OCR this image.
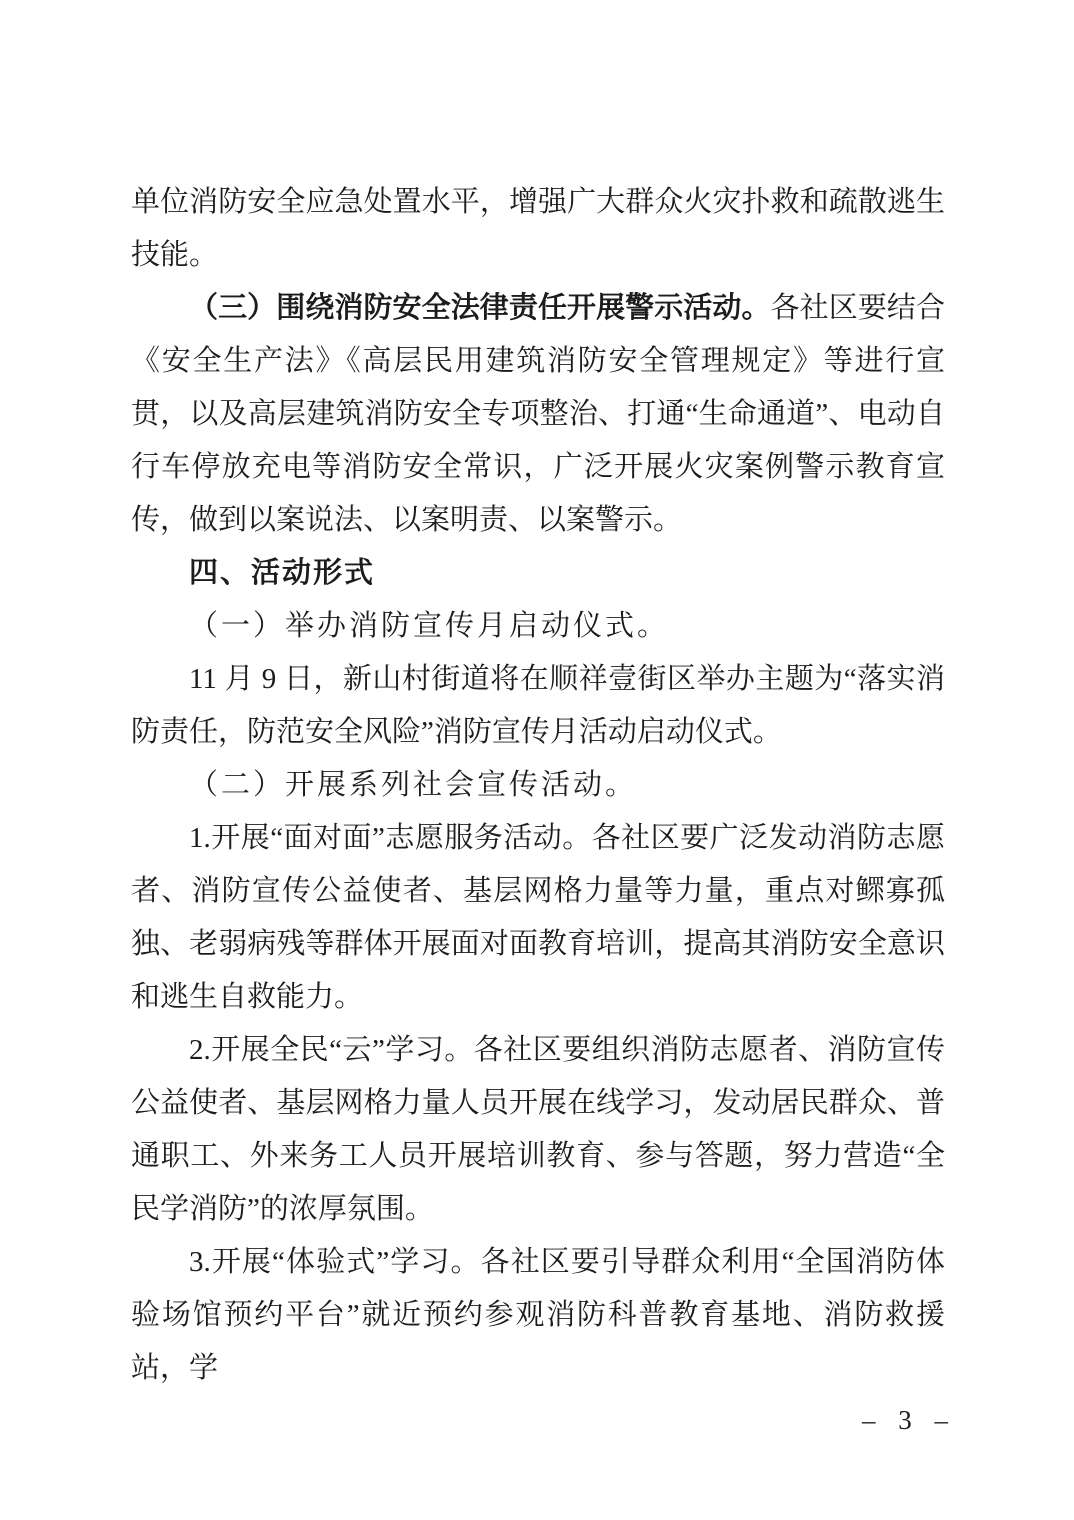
单位消防安全应急处置水平，增强广大群众火灾扑救和疏散逃生技能。

（三）围绕消防安全法律责任开展警示活动。各社区要结合《安全生产法》《高层民用建筑消防安全管理规定》等进行宣贯，以及高层建筑消防安全专项整治、打通“生命通道”、电动自行车停放充电等消防安全常识，广泛开展火灾案例警示教育宣传，做到以案说法、以案明责、以案警示。

四、活动形式

（一）举办消防宣传月启动仪式。

11 月 9 日，新山村街道将在顺祥壹街区举办主题为“落实消防责任，防范安全风险”消防宣传月活动启动仪式。

（二）开展系列社会宣传活动。

1.开展“面对面”志愿服务活动。各社区要广泛发动消防志愿者、消防宣传公益使者、基层网格力量等力量，重点对鳏寡孤独、老弱病残等群体开展面对面教育培训，提高其消防安全意识和逃生自救能力。

2.开展全民“云”学习。各社区要组织消防志愿者、消防宣传公益使者、基层网格力量人员开展在线学习，发动居民群众、普通职工、外来务工人员开展培训教育、参与答题，努力营造“全民学消防”的浓厚氛围。

3.开展“体验式”学习。各社区要引导群众利用“全国消防体验场馆预约平台”就近预约参观消防科普教育基地、消防救援站，学

– 3 –
